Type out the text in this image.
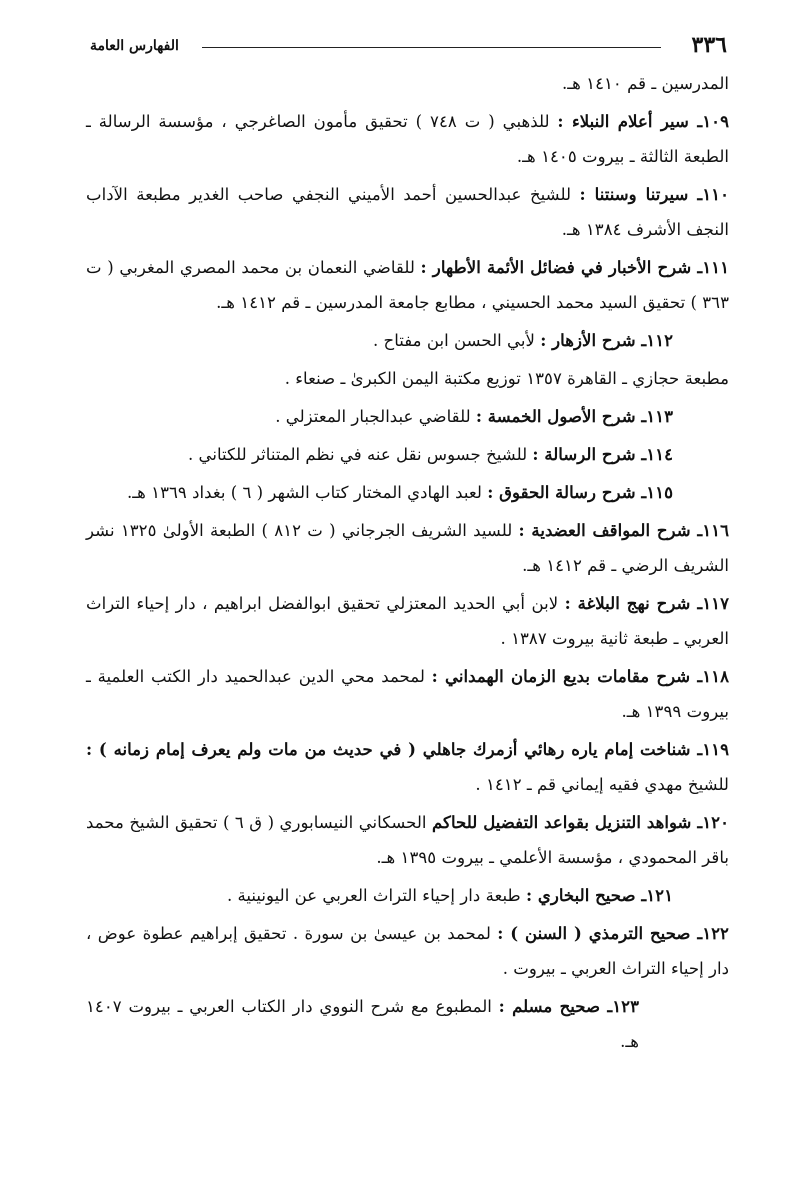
الفهارس العامة	٣٣٦

المدرسين ـ قم ١٤١٠ هـ.

١٠٩ـ سير أعلام النبلاء : للذهبي ( ت ٧٤٨ ) تحقيق مأمون الصاغرجي ، مؤسسة الرسالة ـ الطبعة الثالثة ـ بيروت ١٤٠٥ هـ.

١١٠ـ سيرتنا وسنتنا : للشيخ عبدالحسين أحمد الأميني النجفي صاحب الغدير مطبعة الآداب النجف الأشرف ١٣٨٤ هـ.

١١١ـ شرح الأخبار في فضائل الأئمة الأطهار : للقاضي النعمان بن محمد المصري المغربي ( ت ٣٦٣ ) تحقيق السيد محمد الحسيني ، مطابع جامعة المدرسين ـ قم ١٤١٢ هـ.

١١٢ـ شرح الأزهار : لأبي الحسن ابن مفتاح .

مطبعة حجازي ـ القاهرة ١٣٥٧ توزيع مكتبة اليمن الكبرىٰ ـ صنعاء .

١١٣ـ شرح الأصول الخمسة : للقاضي عبدالجبار المعتزلي .

١١٤ـ شرح الرسالة : للشيخ جسوس نقل عنه في نظم المتناثر للكتاني .

١١٥ـ شرح رسالة الحقوق : لعبد الهادي المختار كتاب الشهر ( ٦ ) بغداد ١٣٦٩ هـ.

١١٦ـ شرح المواقف العضدية : للسيد الشريف الجرجاني ( ت ٨١٢ ) الطبعة الأولىٰ ١٣٢٥ نشر الشريف الرضي ـ قم ١٤١٢ هـ.

١١٧ـ شرح نهج البلاغة : لابن أبي الحديد المعتزلي تحقيق ابوالفضل ابراهيم ، دار إحياء التراث العربي ـ طبعة ثانية بيروت ١٣٨٧ .

١١٨ـ شرح مقامات بديع الزمان الهمداني : لمحمد محي الدين عبدالحميد دار الكتب العلمية ـ بيروت ١٣٩٩ هـ.

١١٩ـ شناخت إمام ياره رهائي أزمرك جاهلي ( في حديث من مات ولم يعرف إمام زمانه ) : للشيخ مهدي فقيه إيماني قم ـ ١٤١٢ .

١٢٠ـ شواهد التنزيل بقواعد التفضيل للحاكم الحسكاني النيسابوري ( ق ٦ ) تحقيق الشيخ محمد باقر المحمودي ، مؤسسة الأعلمي ـ بيروت ١٣٩٥ هـ.

١٢١ـ صحيح البخاري : طبعة دار إحياء التراث العربي عن اليونينية .

١٢٢ـ صحيح الترمذي ( السنن ) : لمحمد بن عيسىٰ بن سورة . تحقيق إبراهيم عطوة عوض ، دار إحياء التراث العربي ـ بيروت .

١٢٣ـ صحيح مسلم : المطبوع مع شرح النووي دار الكتاب العربي ـ بيروت ١٤٠٧ هـ.
